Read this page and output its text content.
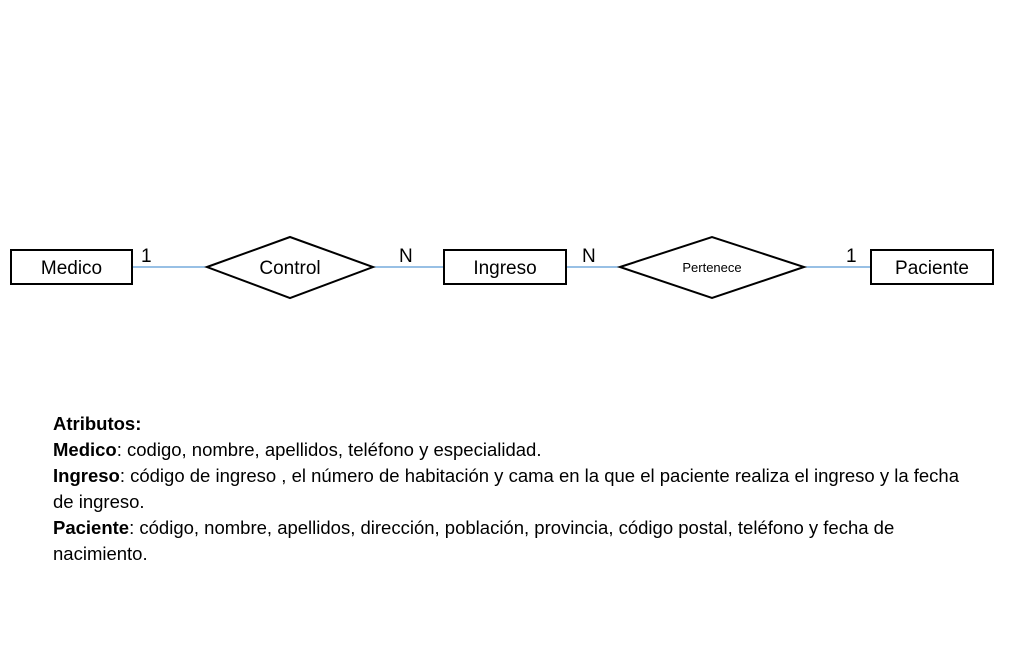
Medico	Control	Ingreso	Pertenece	Paciente
1	N	N	1

Atributos:

Medico: codigo, nombre, apellidos, teléfono y especialidad.

Ingreso: código de ingreso , el número de habitación y cama en la que el paciente realiza el ingreso y la fecha de ingreso.

Paciente: código, nombre, apellidos, dirección, población, provincia, código postal, teléfono y fecha de nacimiento.
